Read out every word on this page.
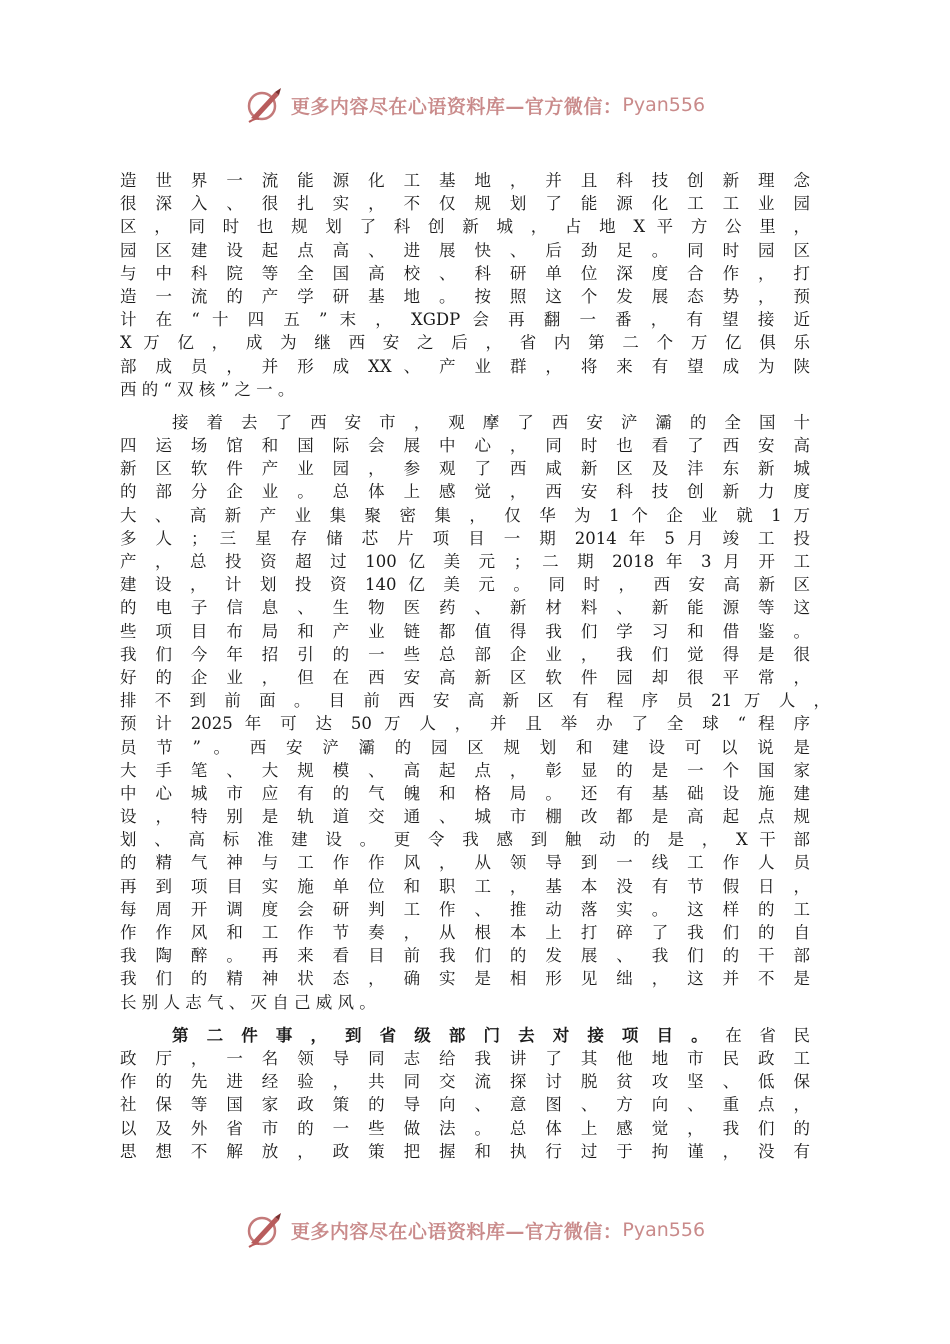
更多内容尽在心语资料库—官方微信： Pyan556
造 世 界 一 流 能 源 化 工 基 地 ， 并 且 科 技 创 新 理 念
很 深 入 、 很 扎 实 ， 不 仅 规 划 了 能 源 化 工 工 业 园
区 ， 同 时 也 规 划 了 科 创 新 城 ， 占 地 X 平 方 公 里 ，
园 区 建 设 起 点 高 、 进 展 快 、 后 劲 足 。 同 时 园 区
与 中 科 院 等 全 国 高 校 、 科 研 单 位 深 度 合 作 ， 打
造 一 流 的 产 学 研 基 地 。 按 照 这 个 发 展 态 势 ， 预
计 在 “ 十 四 五 ” 末 ， XGDP 会 再 翻 一 番 ， 有 望 接 近
X 万 亿 ， 成 为 继 西 安 之 后 ， 省 内 第 二 个 万 亿 俱 乐
部 成 员 ， 并 形 成 XX 、 产 业 群 ， 将 来 有 望 成 为 陕
西 的 “ 双 核 ” 之 一 。
接 着 去 了 西 安 市 ， 观 摩 了 西 安 浐 灞 的 全 国 十
四 运 场 馆 和 国 际 会 展 中 心 ， 同 时 也 看 了 西 安 高
新 区 软 件 产 业 园 ， 参 观 了 西 咸 新 区 及 沣 东 新 城
的 部 分 企 业 。 总 体 上 感 觉 ， 西 安 科 技 创 新 力 度
大 、 高 新 产 业 集 聚 密 集 ， 仅 华 为 1 个 企 业 就 1 万
多 人 ； 三 星 存 储 芯 片 项 目 一 期 2014 年 5 月 竣 工 投
产 ， 总 投 资 超 过 100 亿 美 元 ； 二 期 2018 年 3 月 开 工
建 设 ， 计 划 投 资 140 亿 美 元 。 同 时 ， 西 安 高 新 区
的 电 子 信 息 、 生 物 医 药 、 新 材 料 、 新 能 源 等 这
些 项 目 布 局 和 产 业 链 都 值 得 我 们 学 习 和 借 鉴 。
我 们 今 年 招 引 的 一 些 总 部 企 业 ， 我 们 觉 得 是 很
好 的 企 业 ， 但 在 西 安 高 新 区 软 件 园 却 很 平 常 ，
排 不 到 前 面 。 目 前 西 安 高 新 区 有 程 序 员 21 万 人 ，
预 计 2025 年 可 达 50 万 人 ， 并 且 举 办 了 全 球 “ 程 序
员 节 ” 。 西 安 浐 灞 的 园 区 规 划 和 建 设 可 以 说 是
大 手 笔 、 大 规 模 、 高 起 点 ， 彰 显 的 是 一 个 国 家
中 心 城 市 应 有 的 气 魄 和 格 局 。 还 有 基 础 设 施 建
设 ， 特 别 是 轨 道 交 通 、 城 市 棚 改 都 是 高 起 点 规
划 、 高 标 准 建 设 。 更 令 我 感 到 触 动 的 是 ， X 干 部
的 精 气 神 与 工 作 作 风 ， 从 领 导 到 一 线 工 作 人 员
再 到 项 目 实 施 单 位 和 职 工 ， 基 本 没 有 节 假 日 ，
每 周 开 调 度 会 研 判 工 作 、 推 动 落 实 。 这 样 的 工
作 作 风 和 工 作 节 奏 ， 从 根 本 上 打 碎 了 我 们 的 自
我 陶 醉 。 再 来 看 目 前 我 们 的 发 展 、 我 们 的 干 部
我 们 的 精 神 状 态 ， 确 实 是 相 形 见 绌 ， 这 并 不 是
长 别 人 志 气 、 灭 自 己 威 风 。
第 二 件 事 ， 到 省 级 部 门 去 对 接 项 目 。 在 省 民
政 厅 ， 一 名 领 导 同 志 给 我 讲 了 其 他 地 市 民 政 工
作 的 先 进 经 验 ， 共 同 交 流 探 讨 脱 贫 攻 坚 、 低 保
社 保 等 国 家 政 策 的 导 向 、 意 图 、 方 向 、 重 点 ，
以 及 外 省 市 的 一 些 做 法 。 总 体 上 感 觉 ， 我 们 的
思 想 不 解 放 ， 政 策 把 握 和 执 行 过 于 拘 谨 ， 没 有
更多内容尽在心语资料库—官方微信： Pyan556
